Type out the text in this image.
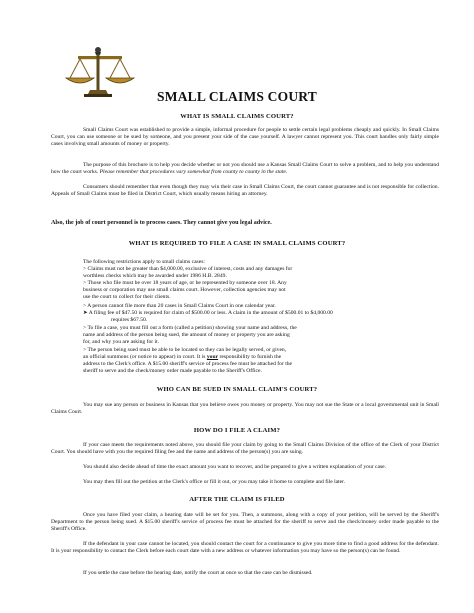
SMALL CLAIMS COURT
WHAT IS SMALL CLAIMS COURT?
Small Claims Court was established to provide a simple, informal procedure for people to settle certain legal problems cheaply and quickly. In Small Claims Court, you can use someone or be sued by someone, and you present your side of the case yourself. A lawyer cannot represent you. This court handles only fairly simple cases involving small amounts of money or property.
The purpose of this brochure is to help you decide whether or not you should use a Kansas Small Claims Court to solve a problem, and to help you understand how the court works. Please remember that procedures vary somewhat from county to county in the state.
Consumers should remember that even though they may win their case in Small Claims Court, the court cannot guarantee and is not responsible for collection. Appeals of Small Claims must be filed in District Court, which usually means hiring an attorney.
Also, the job of court personnel is to process cases. They cannot give you legal advice.
WHAT IS REQUIRED TO FILE A CASE IN SMALL CLAIMS COURT?
The following restrictions apply to small claims cases:
> Claims must not be greater than $4,000.00, exclusive of interest, costs and any damages for
worthless checks which may be awarded under 1986 H.B. 2849.
> Those who file must be over 18 years of age, or be represented by someone over 18. Any
business or corporation may use small claims court. However, collection agencies may not
use the court to collect for their clients.
> A person cannot file more than 20 cases in Small Claims Court in one calendar year.
➤ A filing fee of $47.50 is required for claim of $500.00 or less. A claim in the amount of $500.01 to $4,000.00
requires $67.50.
> To file a case, you must fill out a form (called a petition) showing your name and address, the
name and address of the person being sued, the amount of money or property you are asking
for, and why you are asking for it.
> The person being sued must be able to be located so they can be legally served, or given,
an official summons (or notice to appear) in court. It is your responsibility to furnish the
address to the Clerk's office. A $15.00 sheriff's service of process fee must be attached for the
sheriff to serve and the check/money order made payable to the Sheriff's Office.
WHO CAN BE SUED IN SMALL CLAIM'S COURT?
You may sue any person or business in Kansas that you believe owes you money or property. You may not sue the State or a local governmental unit in Small Claims Court.
HOW DO I FILE A CLAIM?
If your case meets the requirements noted above, you should file your claim by going to the Small Claims Division of the office of the Clerk of your District Court. You should have with you the required filing fee and the name and address of the person(s) you are suing.
You should also decide ahead of time the exact amount you want to recover, and be prepared to give a written explanation of your case.
You may then fill out the petition at the Clerk's office or fill it out, or you may take it home to complete and file later.
AFTER THE CLAIM IS FILED
Once you have filed your claim, a hearing date will be set for you. Then, a summons, along with a copy of your petition, will be served by the Sheriff's Department to the person being sued. A $15.00 sheriff's service of process fee must be attached for the sheriff to serve and the check/money order made payable to the Sheriff's Office.
If the defendant in your case cannot be located, you should contact the court for a continuance to give you more time to find a good address for the defendant. It is your responsibility to contact the Clerk before each court date with a new address or whatever information you may have so the person(s) can be found.
If you settle the case before the hearing date, notify the court at once so that the case can be dismissed.
